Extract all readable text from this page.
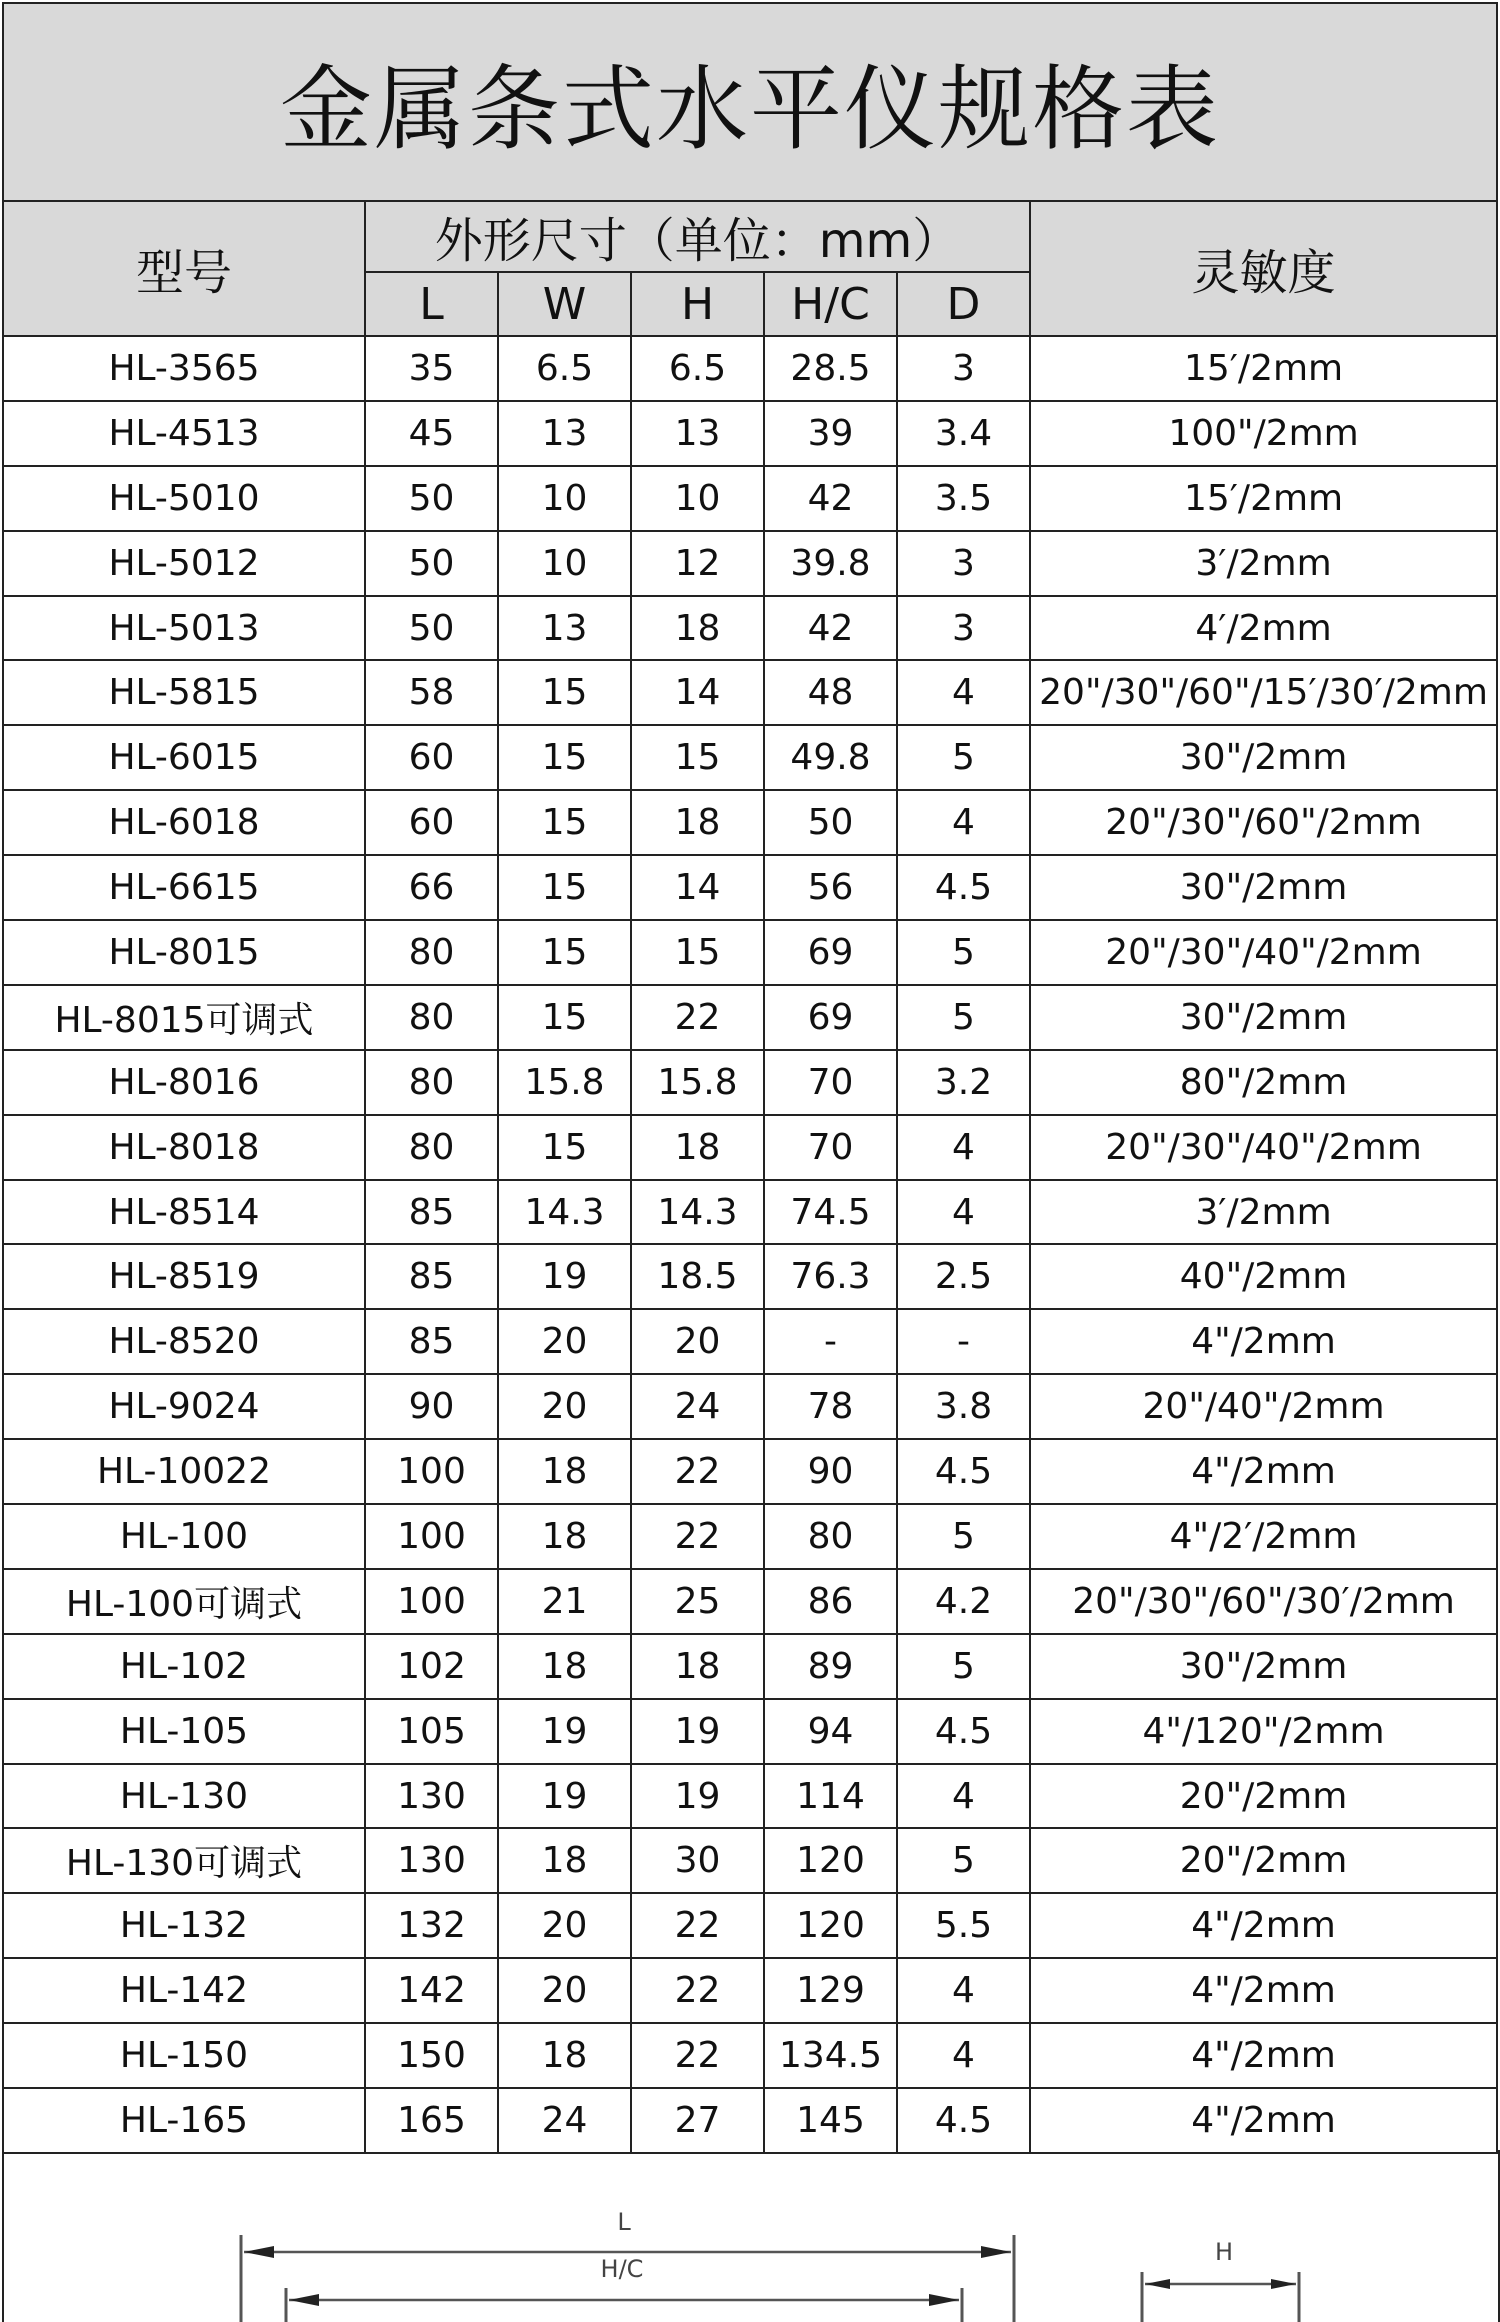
金属条式水平仪规格表						
型号	外形尺寸（单位：mm）					灵敏度
	L	W	H	H/C	D	
HL-3565	35	6.5	6.5	28.5	3	15′/2mm
HL-4513	45	13	13	39	3.4	100"/2mm
HL-5010	50	10	10	42	3.5	15′/2mm
HL-5012	50	10	12	39.8	3	3′/2mm
HL-5013	50	13	18	42	3	4′/2mm
HL-5815	58	15	14	48	4	20"/30"/60"/15′/30′/2mm
HL-6015	60	15	15	49.8	5	30"/2mm
HL-6018	60	15	18	50	4	20"/30"/60"/2mm
HL-6615	66	15	14	56	4.5	30"/2mm
HL-8015	80	15	15	69	5	20"/30"/40"/2mm
HL-8015可调式	80	15	22	69	5	30"/2mm
HL-8016	80	15.8	15.8	70	3.2	80"/2mm
HL-8018	80	15	18	70	4	20"/30"/40"/2mm
HL-8514	85	14.3	14.3	74.5	4	3′/2mm
HL-8519	85	19	18.5	76.3	2.5	40"/2mm
HL-8520	85	20	20	-	-	4"/2mm
HL-9024	90	20	24	78	3.8	20"/40"/2mm
HL-10022	100	18	22	90	4.5	4"/2mm
HL-100	100	18	22	80	5	4"/2′/2mm
HL-100可调式	100	21	25	86	4.2	20"/30"/60"/30′/2mm
HL-102	102	18	18	89	5	30"/2mm
HL-105	105	19	19	94	4.5	4"/120"/2mm
HL-130	130	19	19	114	4	20"/2mm
HL-130可调式	130	18	30	120	5	20"/2mm
HL-132	132	20	22	120	5.5	4"/2mm
HL-142	142	20	22	129	4	4"/2mm
HL-150	150	18	22	134.5	4	4"/2mm
HL-165	165	24	27	145	4.5	4"/2mm
L
H/C
H
